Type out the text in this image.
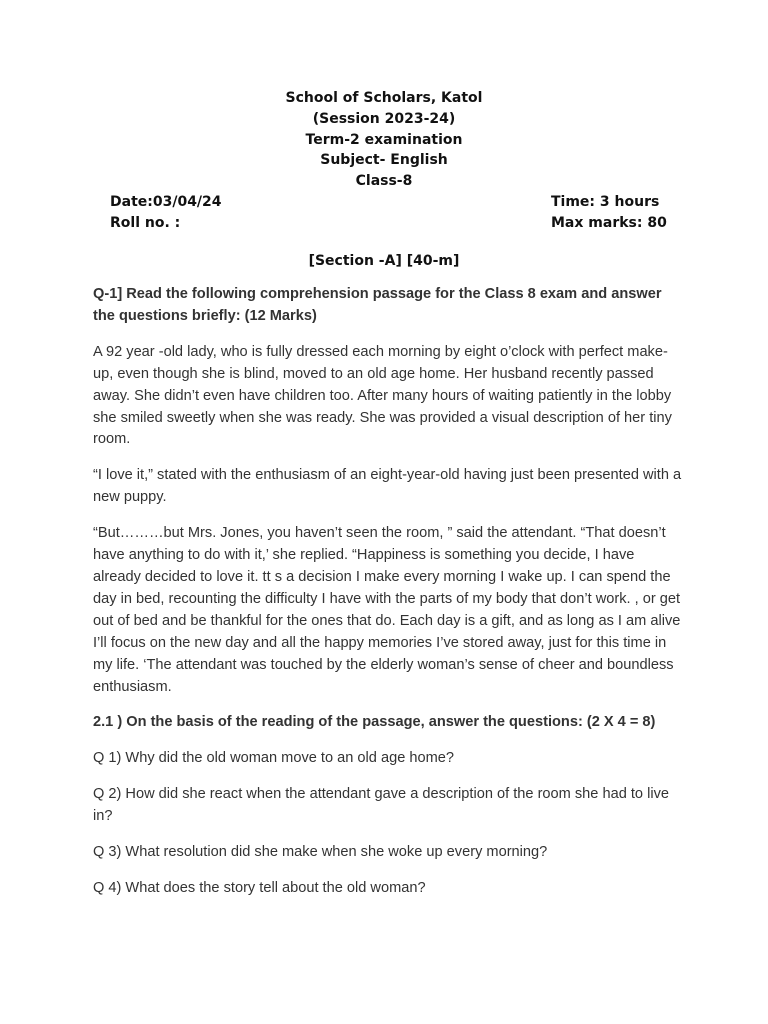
School of Scholars, Katol
(Session 2023-24)
Term-2 examination
Subject- English
Class-8
Date:03/04/24
Roll no. :
Time: 3 hours
Max marks: 80
[Section -A] [40-m]

Q-1] Read the following comprehension passage for the Class 8 exam and answer the questions briefly: (12 Marks)

A 92 year -old lady, who is fully dressed each morning by eight o’clock with perfect make-up, even though she is blind, moved to an old age home. Her husband recently passed away. She didn’t even have children too. After many hours of waiting patiently in the lobby she smiled sweetly when she was ready. She was provided a visual description of her tiny room.

“I love it,” stated with the enthusiasm of an eight-year-old having just been presented with a new puppy.

“But………but Mrs. Jones, you haven’t seen the room, ” said the attendant. “That doesn’t have anything to do with it,’ she replied. “Happiness is something you decide, I have already decided to love it. tt s a decision I make every morning I wake up. I can spend the day in bed, recounting the difficulty I have with the parts of my body that don’t work. , or get out of bed and be thankful for the ones that do. Each day is a gift, and as long as I am alive I’ll focus on the new day and all the happy memories I’ve stored away, just for this time in my life. ‘The attendant was touched by the elderly woman’s sense of cheer and boundless enthusiasm.

2.1 ) On the basis of the reading of the passage, answer the questions: (2 X 4 = 8)

Q 1) Why did the old woman move to an old age home?

Q 2) How did she react when the attendant gave a description of the room she had to live in?

Q 3) What resolution did she make when she woke up every morning?

Q 4) What does the story tell about the old woman?
